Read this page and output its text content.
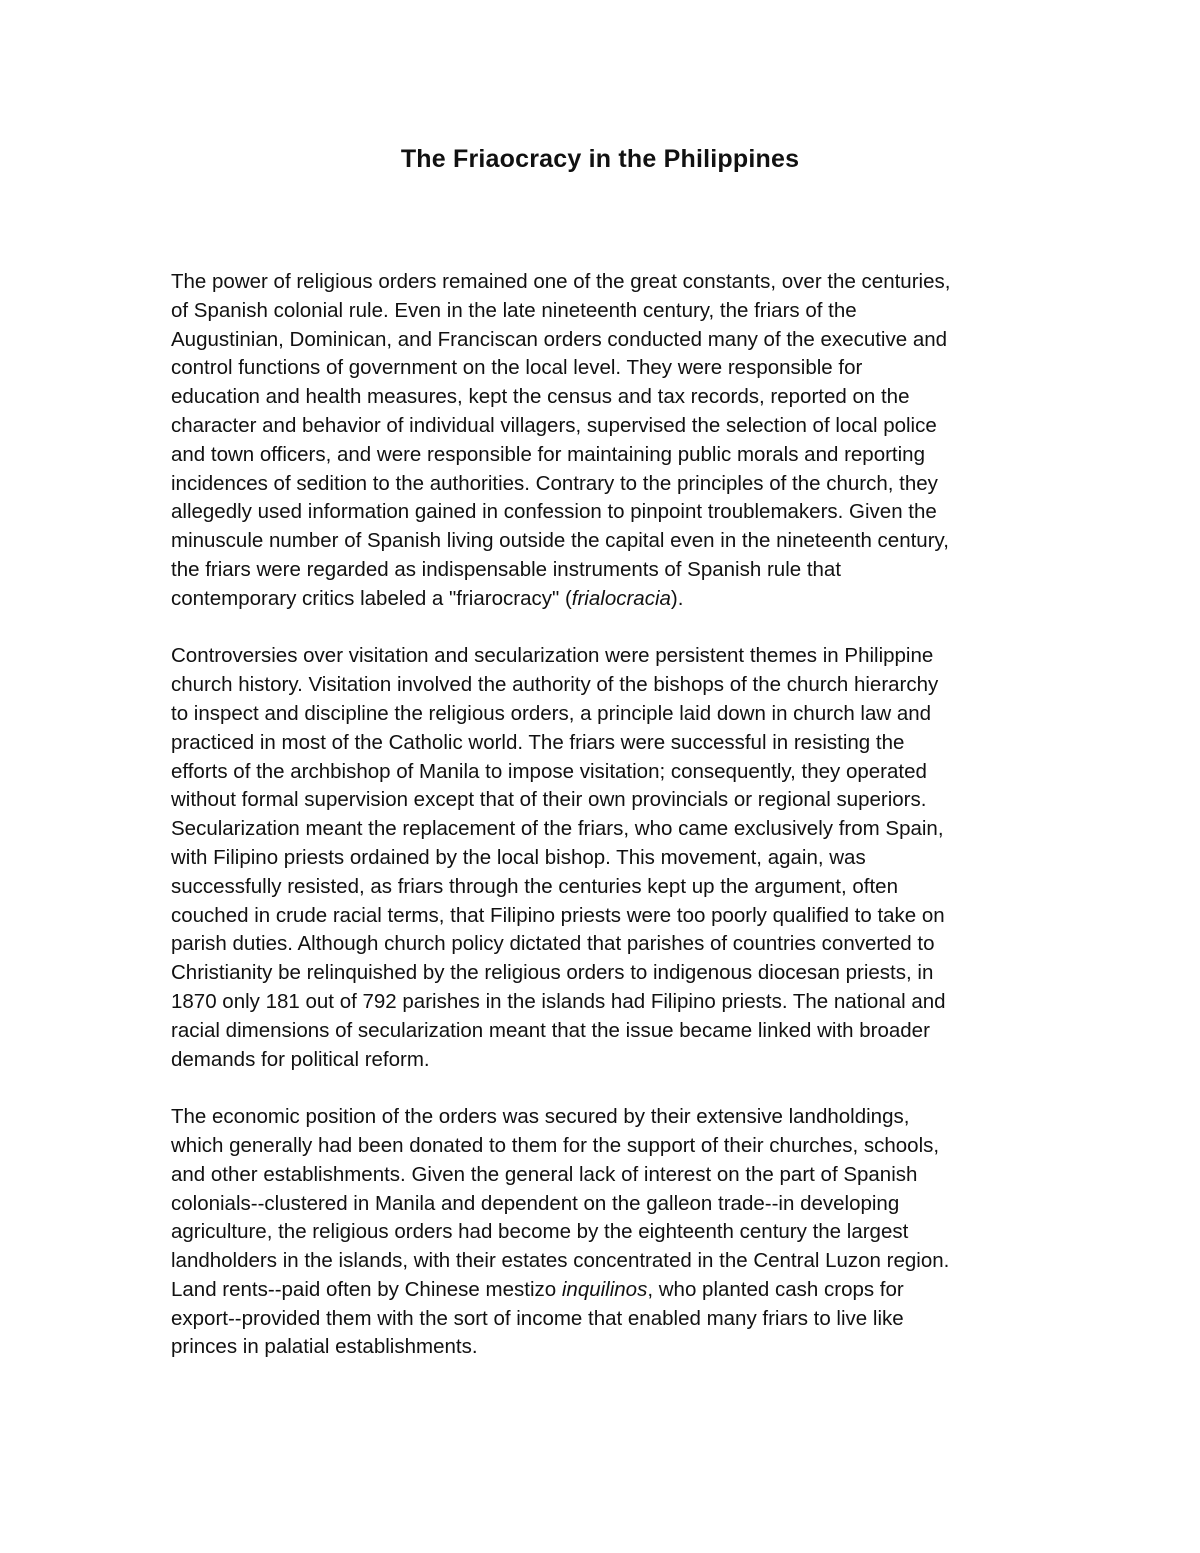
The Friaocracy in the Philippines

The power of religious orders remained one of the great constants, over the centuries,
of Spanish colonial rule. Even in the late nineteenth century, the friars of the
Augustinian, Dominican, and Franciscan orders conducted many of the executive and
control functions of government on the local level. They were responsible for
education and health measures, kept the census and tax records, reported on the
character and behavior of individual villagers, supervised the selection of local police
and town officers, and were responsible for maintaining public morals and reporting
incidences of sedition to the authorities. Contrary to the principles of the church, they
allegedly used information gained in confession to pinpoint troublemakers. Given the
minuscule number of Spanish living outside the capital even in the nineteenth century,
the friars were regarded as indispensable instruments of Spanish rule that
contemporary critics labeled a "friarocracy" (frialocracia).

Controversies over visitation and secularization were persistent themes in Philippine
church history. Visitation involved the authority of the bishops of the church hierarchy
to inspect and discipline the religious orders, a principle laid down in church law and
practiced in most of the Catholic world. The friars were successful in resisting the
efforts of the archbishop of Manila to impose visitation; consequently, they operated
without formal supervision except that of their own provincials or regional superiors.
Secularization meant the replacement of the friars, who came exclusively from Spain,
with Filipino priests ordained by the local bishop. This movement, again, was
successfully resisted, as friars through the centuries kept up the argument, often
couched in crude racial terms, that Filipino priests were too poorly qualified to take on
parish duties. Although church policy dictated that parishes of countries converted to
Christianity be relinquished by the religious orders to indigenous diocesan priests, in
1870 only 181 out of 792 parishes in the islands had Filipino priests. The national and
racial dimensions of secularization meant that the issue became linked with broader
demands for political reform.

The economic position of the orders was secured by their extensive landholdings,
which generally had been donated to them for the support of their churches, schools,
and other establishments. Given the general lack of interest on the part of Spanish
colonials--clustered in Manila and dependent on the galleon trade--in developing
agriculture, the religious orders had become by the eighteenth century the largest
landholders in the islands, with their estates concentrated in the Central Luzon region.
Land rents--paid often by Chinese mestizo inquilinos, who planted cash crops for
export--provided them with the sort of income that enabled many friars to live like
princes in palatial establishments.
